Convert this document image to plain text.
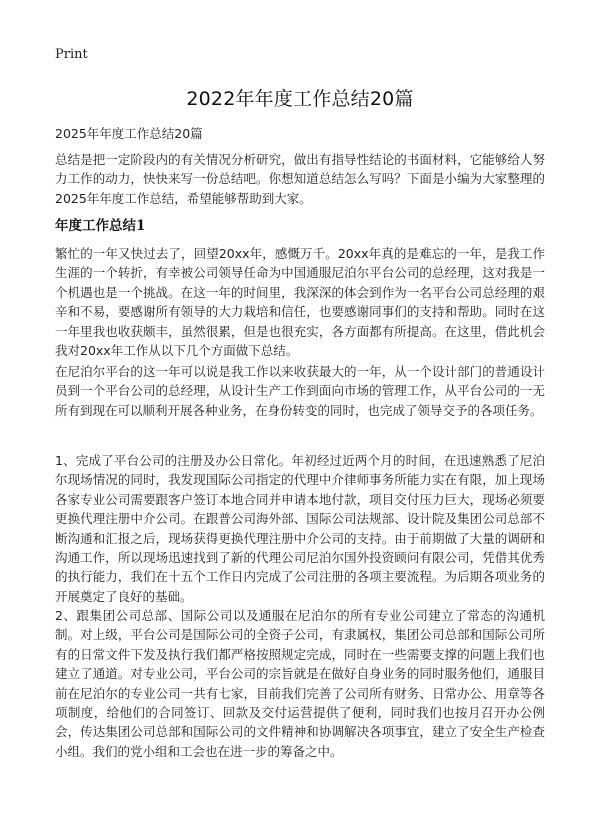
Print
2022年年度工作总结20篇
2025年年度工作总结20篇

总结是把一定阶段内的有关情况分析研究，做出有指导性结论的书面材料，它能够给人努力工作的动力，快快来写一份总结吧。你想知道总结怎么写吗？下面是小编为大家整理的2025年年度工作总结，希望能够帮助到大家。

年度工作总结1

繁忙的一年又快过去了，回望20xx年，感慨万千。20xx年真的是难忘的一年，是我工作生涯的一个转折，有幸被公司领导任命为中国通服尼泊尔平台公司的总经理，这对我是一个机遇也是一个挑战。在这一年的时间里，我深深的体会到作为一名平台公司总经理的艰辛和不易，要感谢所有领导的大力栽培和信任，也要感谢同事们的支持和帮助。同时在这一年里我也收获颇丰，虽然很累，但是也很充实，各方面都有所提高。在这里，借此机会我对20xx年工作从以下几个方面做下总结。

在尼泊尔平台的这一年可以说是我工作以来收获最大的一年，从一个设计部门的普通设计员到一个平台公司的总经理，从设计生产工作到面向市场的管理工作，从平台公司的一无所有到现在可以顺利开展各种业务，在身份转变的同时，也完成了领导交予的各项任务。

1、完成了平台公司的注册及办公日常化。年初经过近两个月的时间，在迅速熟悉了尼泊尔现场情况的同时，我发现国际公司指定的代理中介律师事务所能力实在有限，加上现场各家专业公司需要跟客户签订本地合同并申请本地付款，项目交付压力巨大，现场必须要更换代理注册中介公司。在跟普公司海外部、国际公司法规部、设计院及集团公司总部不断沟通和汇报之后，现场获得更换代理注册中介公司的支持。由于前期做了大量的调研和沟通工作，所以现场迅速找到了新的代理公司尼泊尔国外投资顾问有限公司，凭借其优秀的执行能力，我们在十五个工作日内完成了公司注册的各项主要流程。为后期各项业务的开展奠定了良好的基础。

2、跟集团公司总部、国际公司以及通服在尼泊尔的所有专业公司建立了常态的沟通机制。对上级，平台公司是国际公司的全资子公司，有隶属权，集团公司总部和国际公司所有的日常文件下发及执行我们都严格按照规定完成，同时在一些需要支撑的问题上我们也建立了通道。对专业公司，平台公司的宗旨就是在做好自身业务的同时服务他们，通服目前在尼泊尔的专业公司一共有七家，目前我们完善了公司所有财务、日常办公、用章等各项制度，给他们的合同签订、回款及交付运营提供了便利，同时我们也按月召开办公例会，传达集团公司总部和国际公司的文件精神和协调解决各项事宜，建立了安全生产检查小组。我们的党小组和工会也在进一步的筹备之中。
